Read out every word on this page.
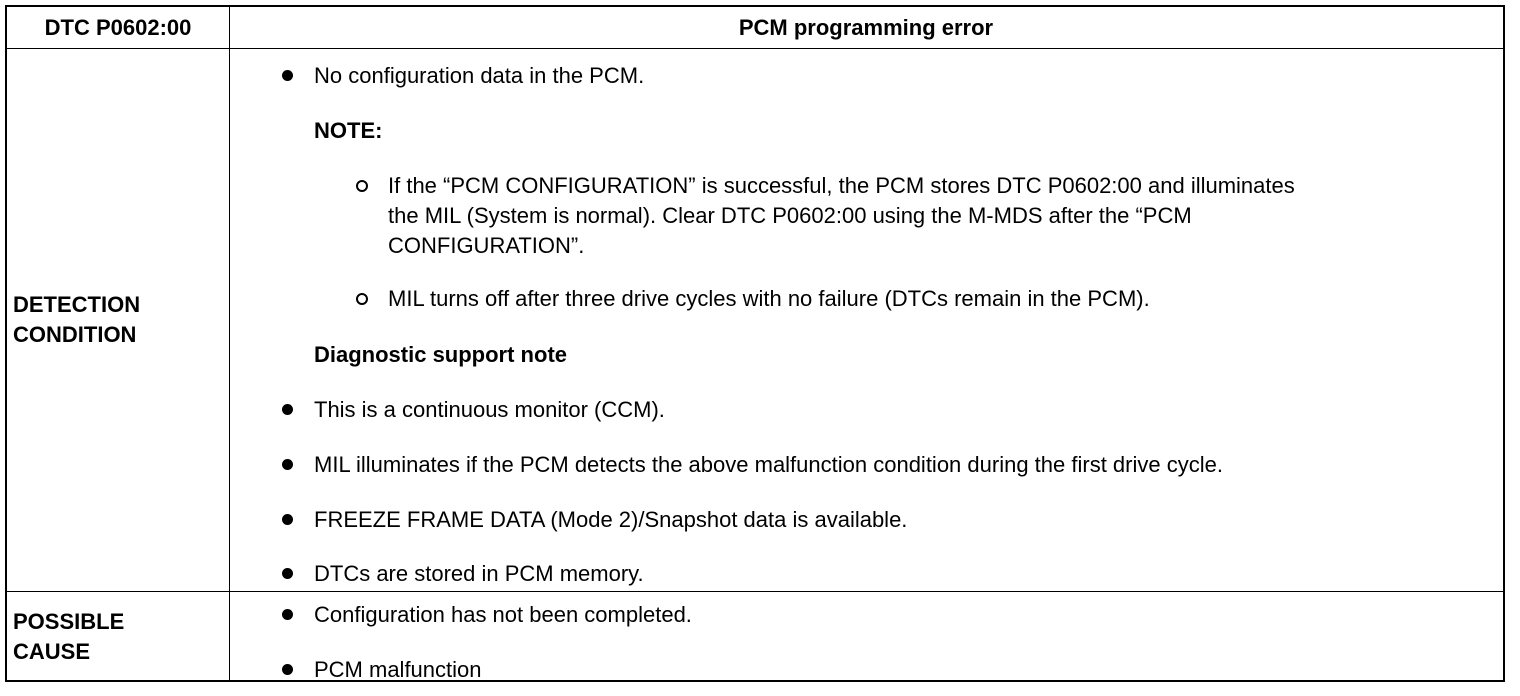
DTC P0602:00	PCM programming error
DETECTION
CONDITION
No configuration data in the PCM.
NOTE:
If the “PCM CONFIGURATION” is successful, the PCM stores DTC P0602:00 and illuminates
the MIL (System is normal). Clear DTC P0602:00 using the M-MDS after the “PCM
CONFIGURATION”.
MIL turns off after three drive cycles with no failure (DTCs remain in the PCM).
Diagnostic support note
This is a continuous monitor (CCM).
MIL illuminates if the PCM detects the above malfunction condition during the first drive cycle.
FREEZE FRAME DATA (Mode 2)/Snapshot data is available.
DTCs are stored in PCM memory.
POSSIBLE
CAUSE
Configuration has not been completed.
PCM malfunction
